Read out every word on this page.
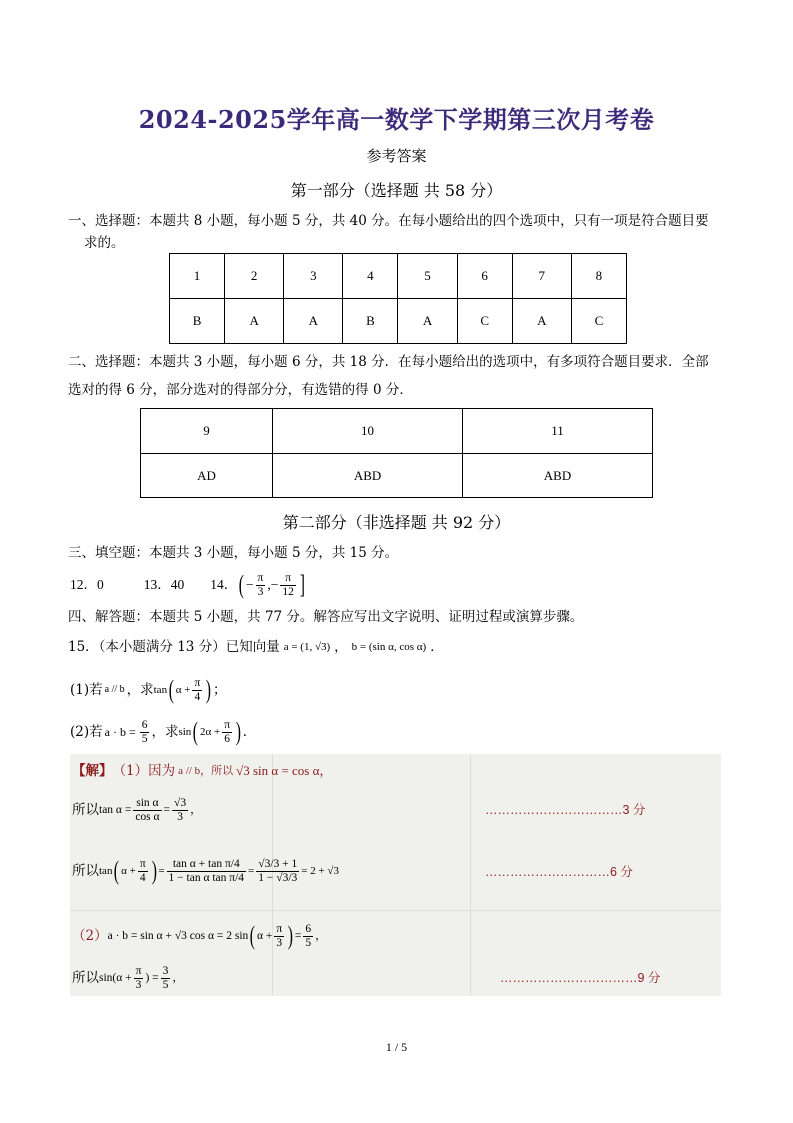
2024-2025学年高一数学下学期第三次月考卷
参考答案
第一部分（选择题 共 58 分）
一、选择题：本题共 8 小题，每小题 5 分，共 40 分。在每小题给出的四个选项中，只有一项是符合题目要
求的。
1	2	3	4	5	6	7	8
B	A	A	B	A	C	A	C
二、选择题：本题共 3 小题，每小题 6 分，共 18 分．在每小题给出的选项中，有多项符合题目要求．全部
选对的得 6 分，部分选对的得部分分，有选错的得 0 分．
9	10	11
AD	ABD	ABD
第二部分（非选择题 共 92 分）
三、填空题：本题共 3 小题，每小题 5 分，共 15 分。
12．0	13．40 14． ( − $\frac{\pi}{3}$ , − $\frac{\pi}{12}$ ]
四、解答题：本题共 5 小题，共 77 分。解答应写出文字说明、证明过程或演算步骤。
15．（本小题满分 13 分）已知向量 a = (1, √3) ， b = (sin α, cos α) ．
(1)若 a // b ，求 tan ( $\alpha + \frac{\pi}{4}$ ) ；
(2)若 $a \cdot b = \frac{6}{5}$ ，求 sin ( $2\alpha + \frac{\pi}{6}$ ) ．
【解】 （1）因为 a // b，所以 √3 sin α = cos α，
所以 $\tan \alpha = \frac{\text{sin α}}{\text{cos α}} = \frac{√3}{3}$ ，	……………………………3 分
所以 tan ( $\alpha + \frac{\pi}{4}$ ) = $\frac{\text{tan α + tan π/4}}{\text{1 − tan α tan π/4}} = \frac{√3/3 + 1}{1 - √3/3} = 2 + √3$	…………………………6 分
（2） a · b = sin α + √3 cos α = 2 sin ( $\alpha + \frac{\pi}{3}$ ) = $\frac{6}{5}$ ，
所以 $\sin(\alpha + \frac{\pi}{3}$ ) = $\frac{3}{5}$ ，	……………………………9 分
1 / 5
